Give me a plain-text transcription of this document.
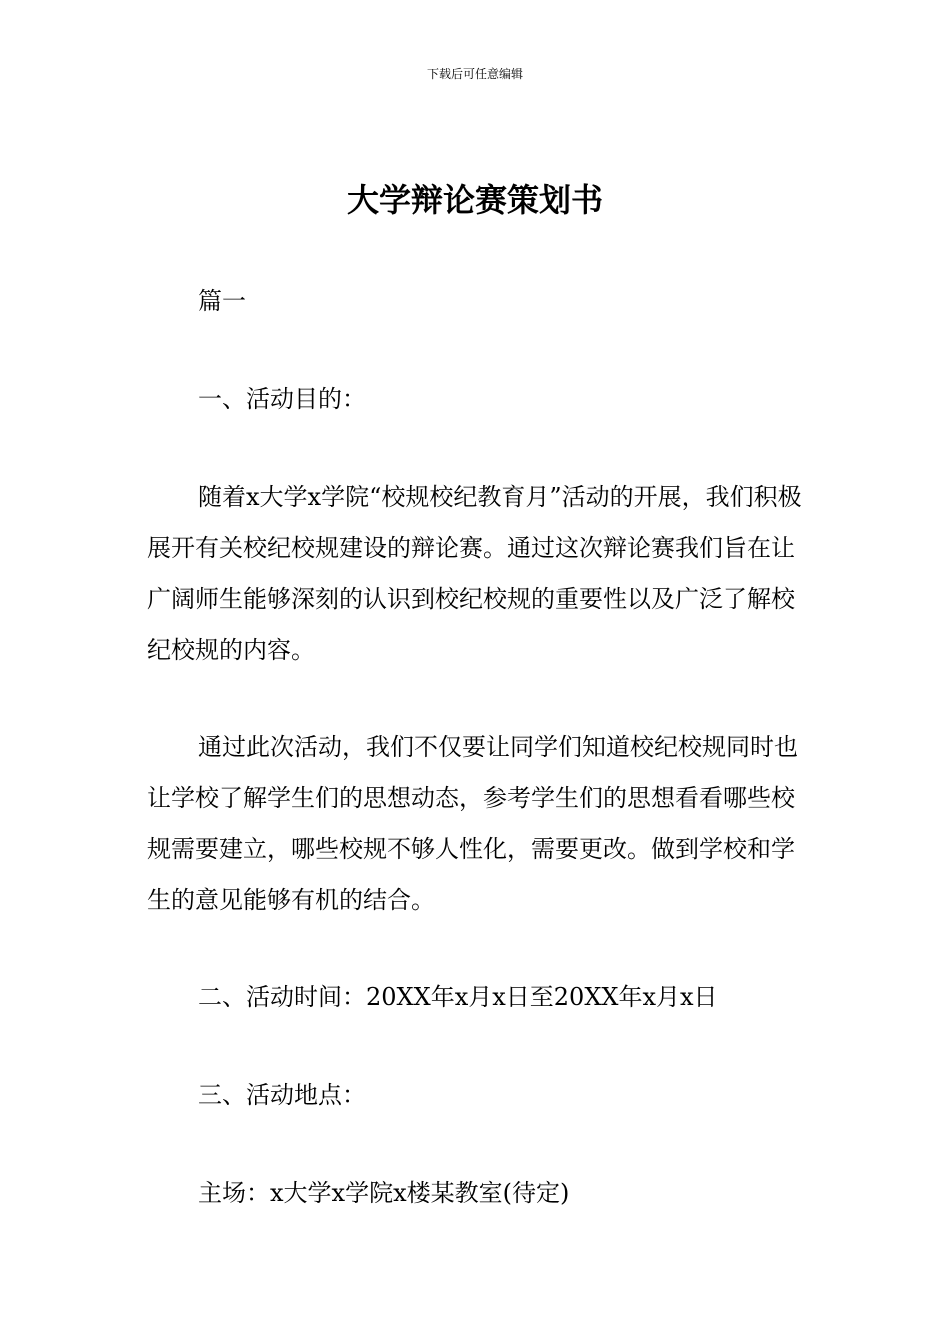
下载后可任意编辑
大学辩论赛策划书

篇一

一、活动目的：

随着x大学x学院“校规校纪教育月”活动的开展，我们积极展开有关校纪校规建设的辩论赛。通过这次辩论赛我们旨在让广阔师生能够深刻的认识到校纪校规的重要性以及广泛了解校纪校规的内容。

通过此次活动，我们不仅要让同学们知道校纪校规同时也让学校了解学生们的思想动态，参考学生们的思想看看哪些校规需要建立，哪些校规不够人性化，需要更改。做到学校和学生的意见能够有机的结合。

二、活动时间：20XX年x月x日至20XX年x月x日

三、活动地点：

主场：x大学x学院x楼某教室(待定)
